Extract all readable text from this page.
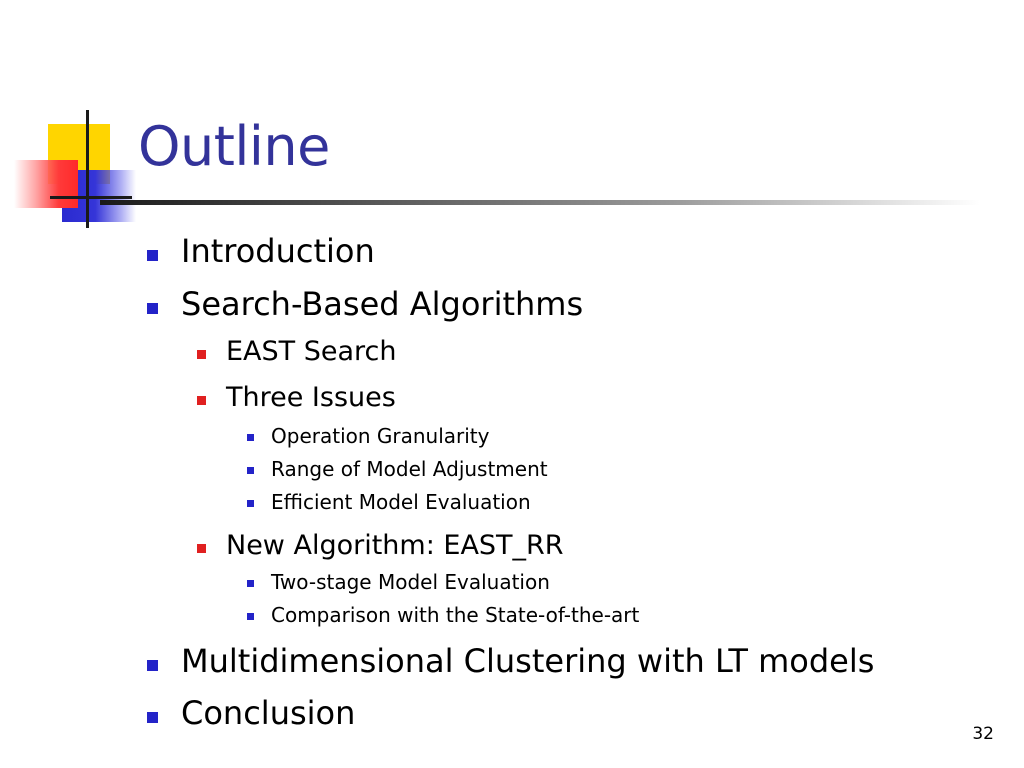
Outline
Introduction
Search-Based Algorithms
EAST Search
Three Issues
Operation Granularity
Range of Model Adjustment
Efficient Model Evaluation
New Algorithm: EAST_RR
Two-stage Model Evaluation
Comparison with the State-of-the-art
Multidimensional Clustering with LT models
Conclusion
32
